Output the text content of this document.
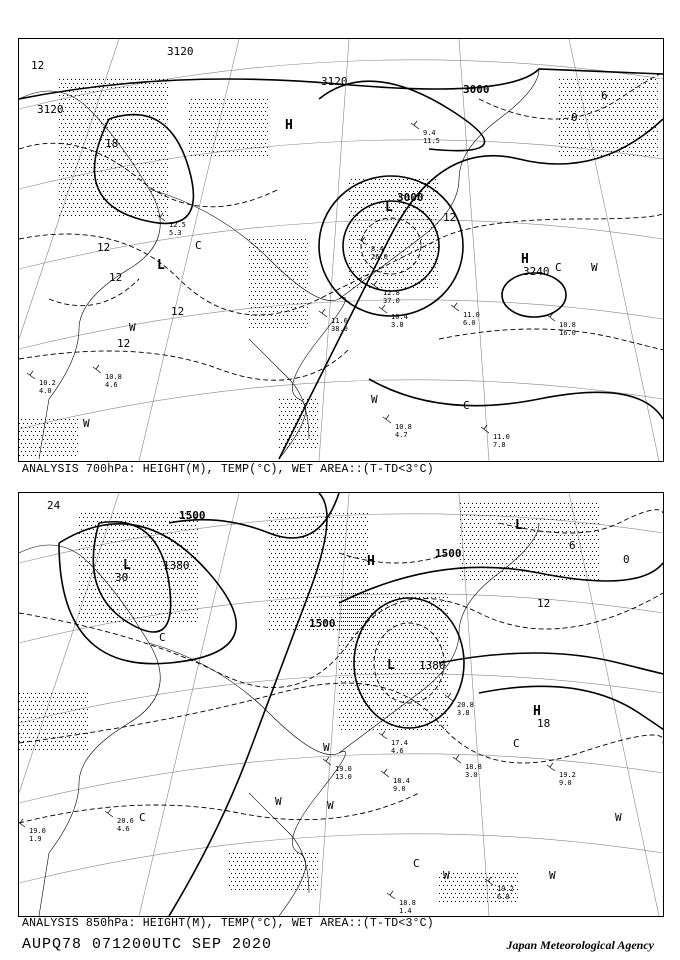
3120
3120
3120
3000
3000
3240
12
12
12
12
12
18
6
0
12
H
L
H
L
W
W
W
W	C
C
C
11.0
7.0
10.8
16.0
11.0
6.0
10.8
4.7
11.6
38.0
12.8
37.0
10.4
3.8
10.8
4.6
10.2
4.0
12.5
5.3
9.4
11.5
8.4
26.0
ANALYSIS 700hPa: HEIGHT(M), TEMP(°C), WET AREA::(T-TD<3°C)
1500
1500
1500
1380
1380
24
30
18
12
6
0
L	H
L
H
L
W
W
W
W	W
W
C
C
C
C
19.2
6.0
19.2
9.0
18.8
3.0
18.4
9.0
19.0
13.0
17.4
4.6
20.8
3.8
19.0
1.9
20.6
4.6
18.8
1.4
ANALYSIS 850hPa: HEIGHT(M), TEMP(°C), WET AREA::(T-TD<3°C)
AUPQ78 071200UTC SEP 2020	Japan Meteorological Agency
